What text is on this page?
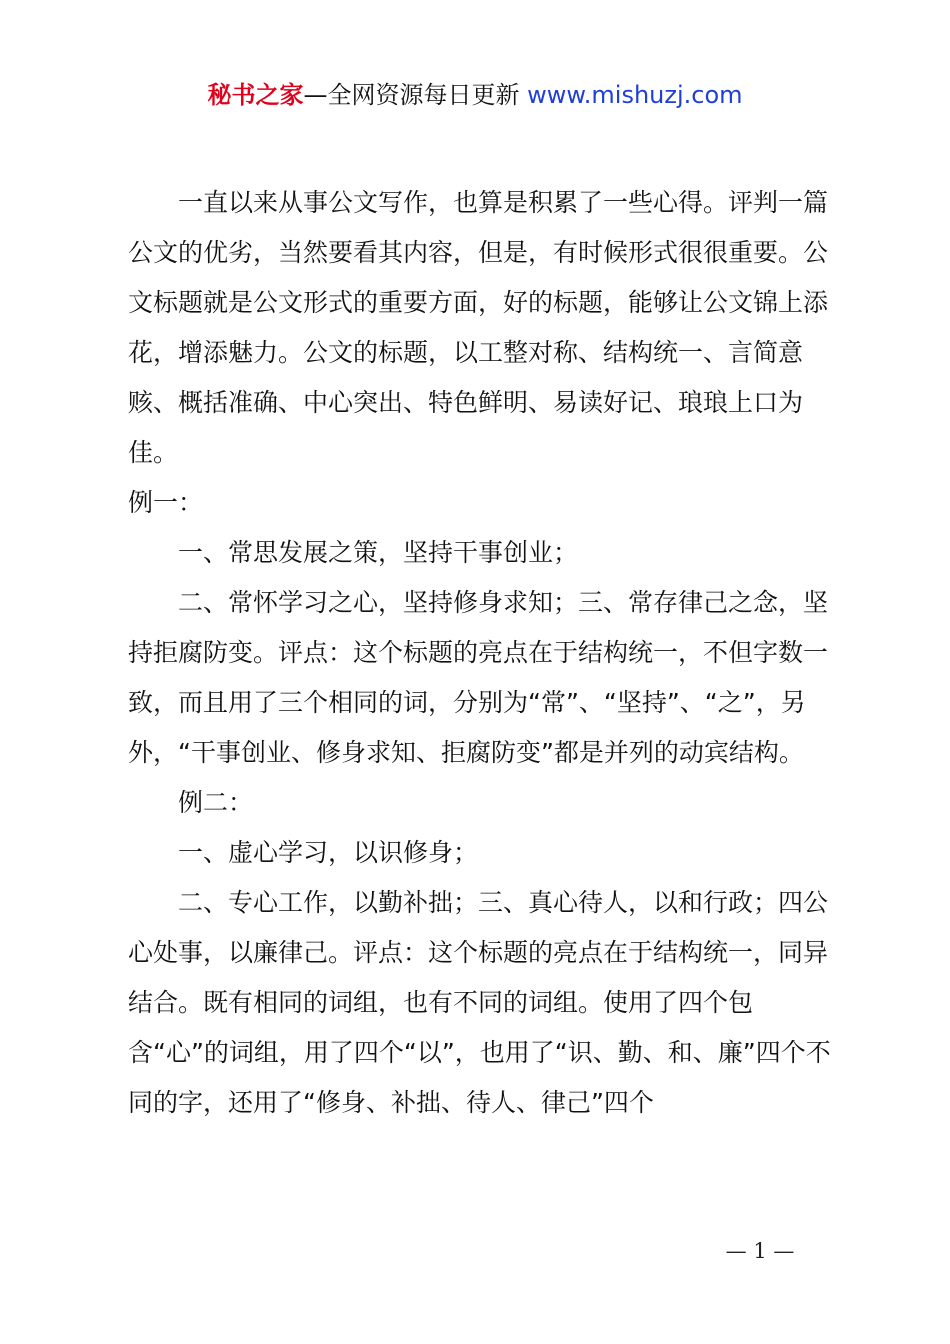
秘书之家—全网资源每日更新 www.mishuzj.com

一直以来从事公文写作，也算是积累了一些心得。评判一篇公文的优劣，当然要看其内容，但是，有时候形式很很重要。公文标题就是公文形式的重要方面，好的标题，能够让公文锦上添花，增添魅力。公文的标题，以工整对称、结构统一、言简意赅、概括准确、中心突出、特色鲜明、易读好记、琅琅上口为佳。

例一：

一、常思发展之策，坚持干事创业；

二、常怀学习之心，坚持修身求知；三、常存律己之念，坚持拒腐防变。评点：这个标题的亮点在于结构统一，不但字数一致，而且用了三个相同的词，分别为“常”、“坚持”、“之”，另外，“干事创业、修身求知、拒腐防变”都是并列的动宾结构。

例二：

一、虚心学习，以识修身；

二、专心工作，以勤补拙；三、真心待人，以和行政；四公心处事，以廉律己。评点：这个标题的亮点在于结构统一，同异结合。既有相同的词组，也有不同的词组。使用了四个包含“心”的词组，用了四个“以”，也用了“识、勤、和、廉”四个不同的字，还用了“修身、补拙、待人、律己”四个

— 1 —
